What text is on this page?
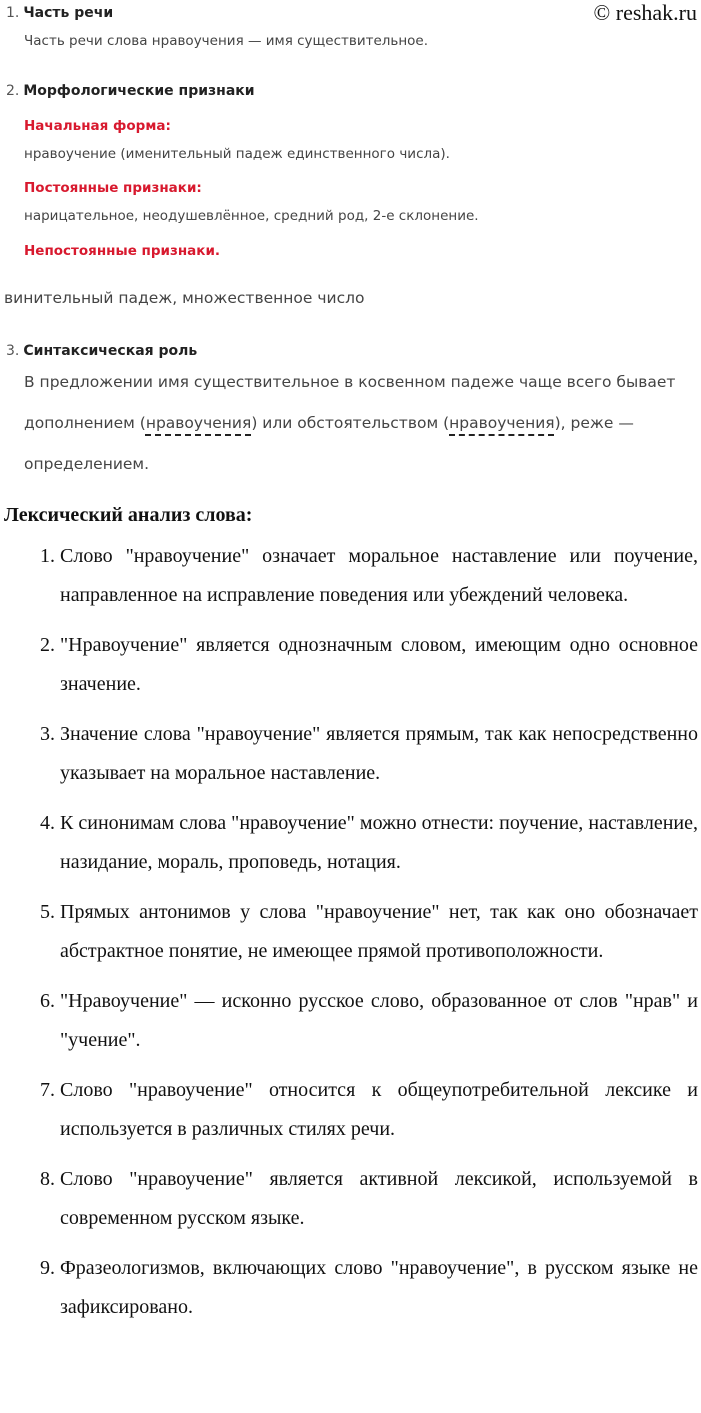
© reshak.ru
1. Часть речи
Часть речи слова нравоучения — имя существительное.
2. Морфологические признаки
Начальная форма:
нравоучение (именительный падеж единственного числа).
Постоянные признаки:
нарицательное, неодушевлённое, средний род, 2-е склонение.
Непостоянные признаки.
винительный падеж, множественное число
3. Синтаксическая роль
В предложении имя существительное в косвенном падеже чаще всего бывает дополнением (нравоучения) или обстоятельством (нравоучения), реже — определением.
Лексический анализ слова:
1. Слово "нравоучение" означает моральное наставление или поучение, направленное на исправление поведения или убеждений человека.
2. "Нравоучение" является однозначным словом, имеющим одно основное значение.
3. Значение слова "нравоучение" является прямым, так как непосредственно указывает на моральное наставление.
4. К синонимам слова "нравоучение" можно отнести: поучение, наставление, назидание, мораль, проповедь, нотация.
5. Прямых антонимов у слова "нравоучение" нет, так как оно обозначает абстрактное понятие, не имеющее прямой противоположности.
6. "Нравоучение" — исконно русское слово, образованное от слов "нрав" и "учение".
7. Слово "нравоучение" относится к общеупотребительной лексике и используется в различных стилях речи.
8. Слово "нравоучение" является активной лексикой, используемой в современном русском языке.
9. Фразеологизмов, включающих слово "нравоучение", в русском языке не зафиксировано.
